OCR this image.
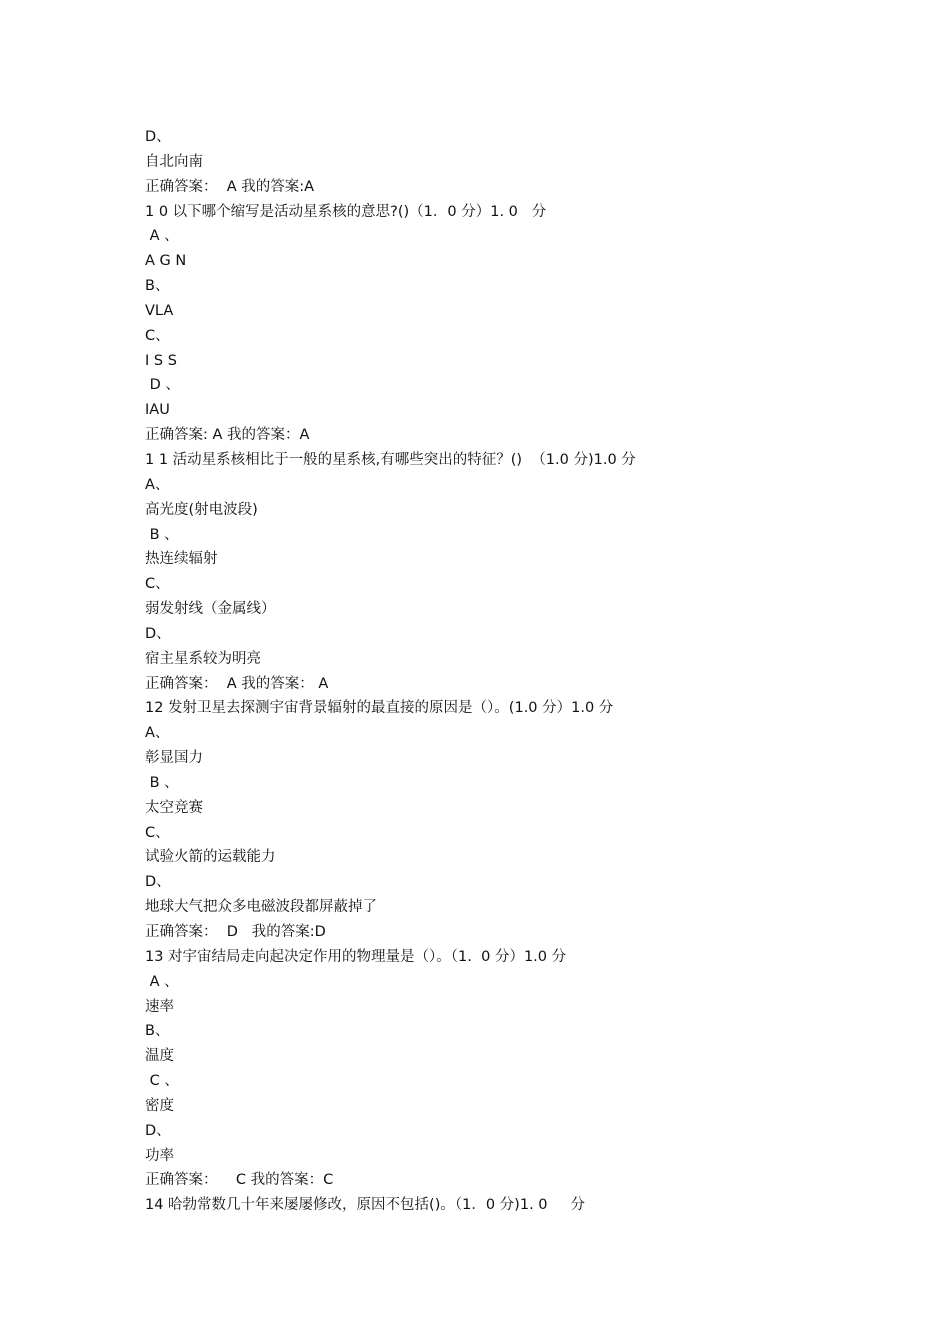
D、
自北向南
正确答案：  A 我的答案:A
1 0 以下哪个缩写是活动星系核的意思?()（1．0 分）1. 0   分
A 、
A G N
B、
VLA
C、
I S S
D 、
IAU
正确答案: A 我的答案：A
1 1 活动星系核相比于一般的星系核,有哪些突出的特征？()  （1.0 分)1.0 分
A、
高光度(射电波段)
B 、
热连续辐射
C、
弱发射线（金属线）
D、
宿主星系较为明亮
正确答案：  A 我的答案： A
12 发射卫星去探测宇宙背景辐射的最直接的原因是（）。(1.0 分）1.0 分
A、
彰显国力
B 、
太空竞赛
C、
试验火箭的运载能力
D、
地球大气把众多电磁波段都屏蔽掉了
正确答案：  D   我的答案:D
13 对宇宙结局走向起决定作用的物理量是（）。（1.  0 分）1.0 分
A 、
速率
B、
温度
C 、
密度
D、
功率
正确答案：    C 我的答案：C
14 哈勃常数几十年来屡屡修改，原因不包括()。（1．0 分)1. 0     分
